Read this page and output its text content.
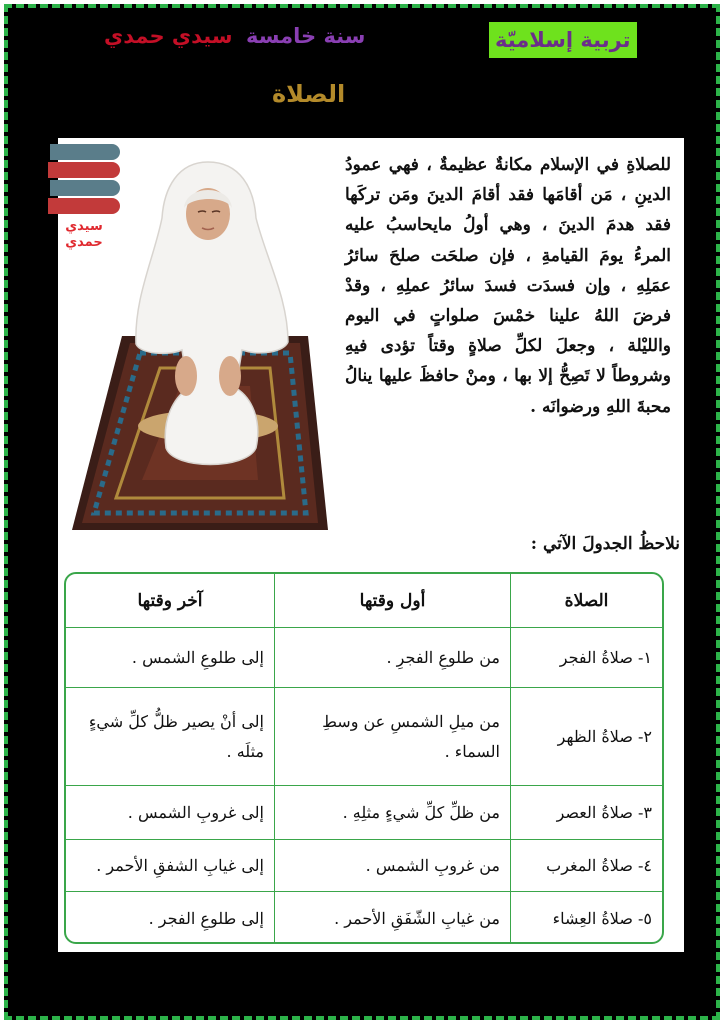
تربية إسلاميّة
سنة خامسة
سيدي حمدي
الصلاة
سيدي
حمدي
للصلاةِ في الإسلام مكانةٌ عظيمةٌ ، فهي عمودُ الدينِ ، مَن أقامَها فقد أقامَ الدينَ ومَن تركَها فقد هدمَ الدينَ ، وهي أولُ مايحاسبُ عليه المرءُ يومَ القيامةِ ، فإن صلحَت صلحَ سائرُ عمَلِهِ ، وإن فسدَت فسدَ سائرُ عملِهِ ، وقدْ فرضَ اللهُ علينا خمْسَ صلواتٍ في اليوم والليْلة ، وجعلَ لكلِّ صلاةٍ وقتاً تؤدى فيهِ وشروطاً لا تَصِحُّ إلا بها ، ومنْ حافظَ عليها ينالُ محبةَ اللهِ ورضوانَه .
نلاحظُ الجدولَ الآتي :
الصلاة
أول وقتها
آخر وقتها
١- صلاةُ الفجر
من طلوعِ الفجرِ .
إلى طلوعِ الشمس .
٢- صلاةُ الظهر
من ميلِ الشمسِ عن وسطِ السماء .
إلى أنْ يصير ظلُّ كلِّ شيءٍ مثلَه .
٣- صلاةُ العصر
من ظلِّ كلِّ شيءٍ مثلِهِ .
إلى غروبِ الشمس .
٤- صلاةُ المغرب
من غروبِ الشمس .
إلى غيابِ الشفقِ الأحمر .
٥- صلاةُ العِشاء
من غيابِ الشّفَقِ الأحمر .
إلى طلوعِ الفجر .
